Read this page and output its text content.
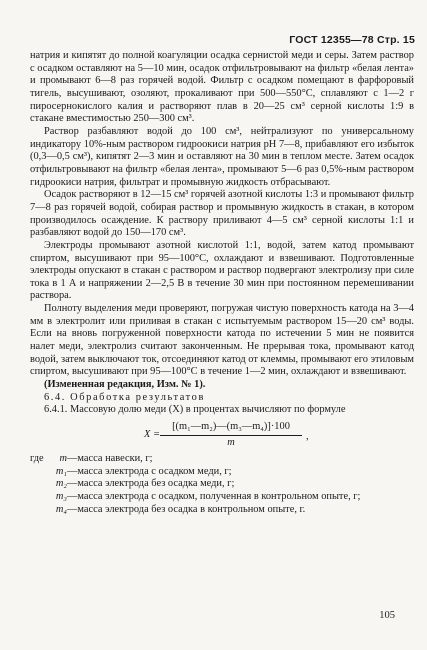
ГОСТ 12355—78 Стр. 15

натрия и кипятят до полной коагуляции осадка сернистой меди и серы. Затем раствор с осадком оставляют на 5—10 мин, осадок отфильтровывают на фильтр «белая лента» и промывают 6—8 раз горячей водой. Фильтр с осадком помещают в фарфоровый тигель, высушивают, озоляют, прокаливают при 500—550°С, сплавляют с 1—2 г пиросернокислого калия и растворяют плав в 20—25 см³ серной кислоты 1:9 в стакане вместимостью 250—300 см³.

Раствор разбавляют водой до 100 см³, нейтрализуют по универсальному индикатору 10%-ным раствором гидроокиси натрия pH 7—8, прибавляют его избыток (0,3—0,5 см³), кипятят 2—3 мин и оставляют на 30 мин в теплом месте. Затем осадок отфильтровывают на фильтр «белая лента», промывают 5—6 раз 0,5%-ным раствором гидроокиси натрия, фильтрат и промывную жидкость отбрасывают.

Осадок растворяют в 12—15 см³ горячей азотной кислоты 1:3 и промывают фильтр 7—8 раз горячей водой, собирая раствор и промывную жидкость в стакан, в котором производилось осаждение. К раствору приливают 4—5 см³ серной кислоты 1:1 и разбавляют водой до 150—170 см³.

Электроды промывают азотной кислотой 1:1, водой, затем катод промывают спиртом, высушивают при 95—100°С, охлаждают и взвешивают. Подготовленные электроды опускают в стакан с раствором и раствор подвергают электролизу при силе тока в 1 А и напряжении 2—2,5 В в течение 30 мин при постоянном перемешивании раствора.

Полноту выделения меди проверяют, погружая чистую поверхность катода на 3—4 мм в электролит или приливая в стакан с испытуемым раствором 15—20 см³ воды. Если на вновь погруженной поверхности катода по истечении 5 мин не появится налет меди, электролиз считают законченным. Не прерывая тока, промывают катод водой, затем выключают ток, отсоединяют катод от клеммы, промывают его этиловым спиртом, высушивают при 95—100°С в течение 1—2 мин, охлаждают и взвешивают.

(Измененная редакция, Изм. № 1).

6.4. Обработка результатов

6.4.1. Массовую долю меди (X) в процентах вычисляют по формуле

$X = \frac{\text{[(m₁—m₂)—(m₃—m₄)]·100}}{m}$ ,
где	m —масса навески, г;
m₁ —масса электрода с осадком меди, г;
m₂ —масса электрода без осадка меди, г;
m₃ —масса электрода с осадком, полученная в контрольном опыте, г;
m₄ —масса электрода без осадка в контрольном опыте, г.
105
